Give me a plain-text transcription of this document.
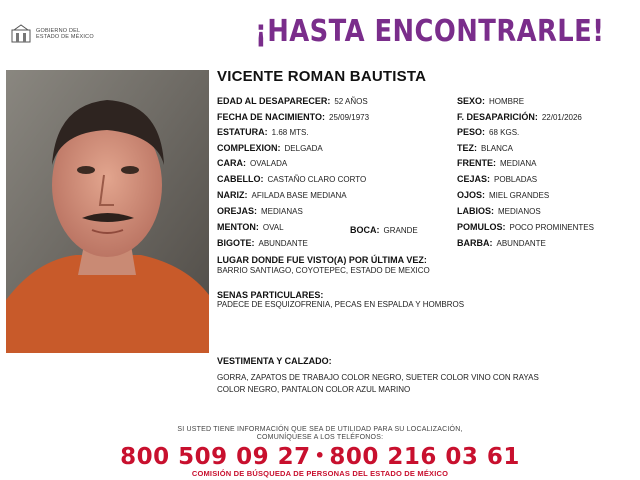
GOBIERNO DEL
ESTADO DE MÉXICO	¡HASTA ENCONTRARLE!
VICENTE ROMAN BAUTISTA
EDAD AL DESAPARECER: 52 AÑOS
FECHA DE NACIMIENTO: 25/09/1973
ESTATURA: 1.68 MTS.
COMPLEXION: DELGADA
CARA: OVALADA
CABELLO: CASTAÑO CLARO CORTO
NARIZ: AFILADA BASE MEDIANA
OREJAS: MEDIANAS
MENTON: OVAL
BIGOTE: ABUNDANTE
BOCA: GRANDE
SEXO: HOMBRE
F. DESAPARICIÓN: 22/01/2026
PESO: 68 KGS.
TEZ: BLANCA
FRENTE: MEDIANA
CEJAS: POBLADAS
OJOS: MIEL GRANDES
LABIOS: MEDIANOS
POMULOS: POCO PROMINENTES
BARBA: ABUNDANTE
LUGAR DONDE FUE VISTO(A) POR ÚLTIMA VEZ:
BARRIO SANTIAGO, COYOTEPEC, ESTADO DE MEXICO
SENAS PARTICULARES:
PADECE DE ESQUIZOFRENIA, PECAS EN ESPALDA Y HOMBROS
VESTIMENTA Y CALZADO:
GORRA, ZAPATOS DE TRABAJO COLOR NEGRO, SUETER COLOR VINO CON RAYAS
COLOR NEGRO, PANTALON COLOR AZUL MARINO
SI USTED TIENE INFORMACIÓN QUE SEA DE UTILIDAD PARA SU LOCALIZACIÓN,
COMUNÍQUESE A LOS TELÉFONOS:
800 509 09 27 • 800 216 03 61
COMISIÓN DE BÚSQUEDA DE PERSONAS DEL ESTADO DE MÉXICO
